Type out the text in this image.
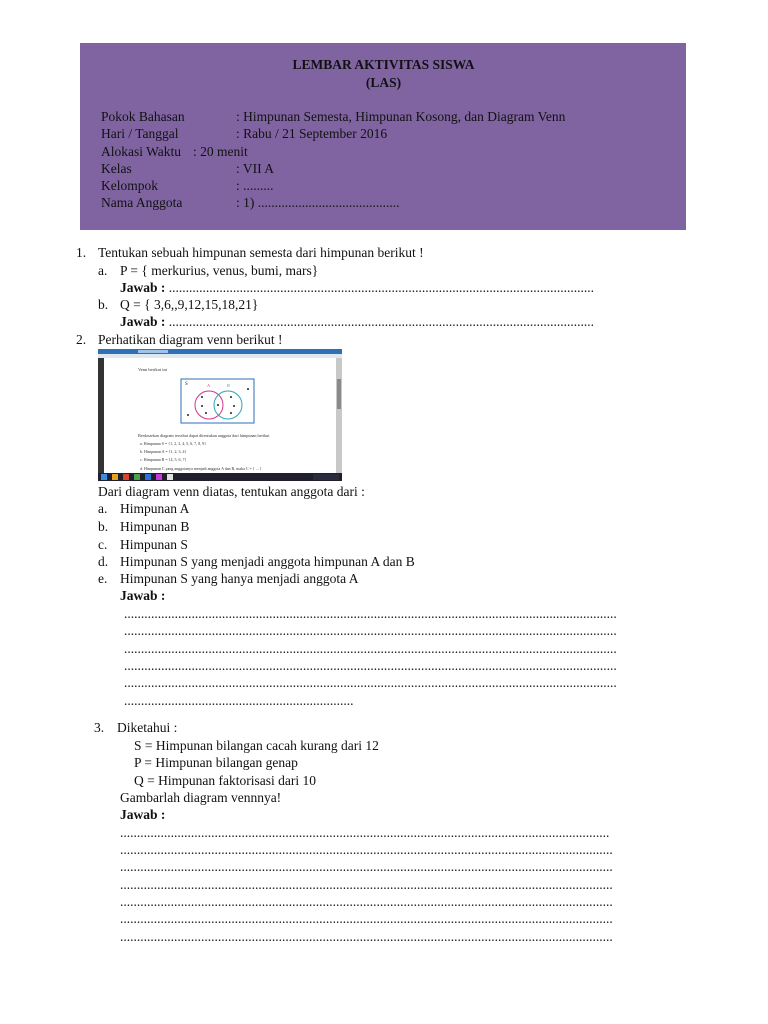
LEMBAR AKTIVITAS SISWA
(LAS)
Pokok Bahasan	: Himpunan Semesta, Himpunan Kosong, dan Diagram Venn
Hari / Tanggal	: Rabu / 21 September 2016
Alokasi Waktu : 20 menit
Kelas	: VII A
Kelompok	: .........
Nama Anggota	: 1) ..........................................
1. Tentukan sebuah himpunan semesta dari himpunan berikut !
a. P = { merkurius, venus, bumi, mars}
Jawab : ..............................................................................................................................
b. Q = { 3,6,,9,12,15,18,21}
Jawab : ..............................................................................................................................
2. Perhatikan diagram venn berikut !
Venn berikut ini
S	A	B
Berdasarkan diagram tersebut dapat ditentukan anggota dari himpunan berikut
a. Himpunan S = {1, 2, 3, 4, 5, 6, 7, 8, 9}
b. Himpunan A = {1, 2, 3, 4}
c. Himpunan B = {4, 5, 6, 7}
d. Himpunan C yang anggotanya menjadi anggota A dan B, maka C = { ... }
Dari diagram venn diatas, tentukan anggota dari :
a. Himpunan A
b. Himpunan B
c. Himpunan S
d. Himpunan S yang menjadi anggota himpunan A dan B
e. Himpunan S yang hanya menjadi anggota A
Jawab :
..................................................................................................................................................
..................................................................................................................................................
..................................................................................................................................................
..................................................................................................................................................
..................................................................................................................................................
....................................................................
3. Diketahui :
S = Himpunan bilangan cacah kurang dari 12
P = Himpunan bilangan genap
Q = Himpunan faktorisasi dari 10
Gambarlah diagram vennnya!
Jawab :
.................................................................................................................................................
..................................................................................................................................................
..................................................................................................................................................
..................................................................................................................................................
..................................................................................................................................................
..................................................................................................................................................
..................................................................................................................................................
